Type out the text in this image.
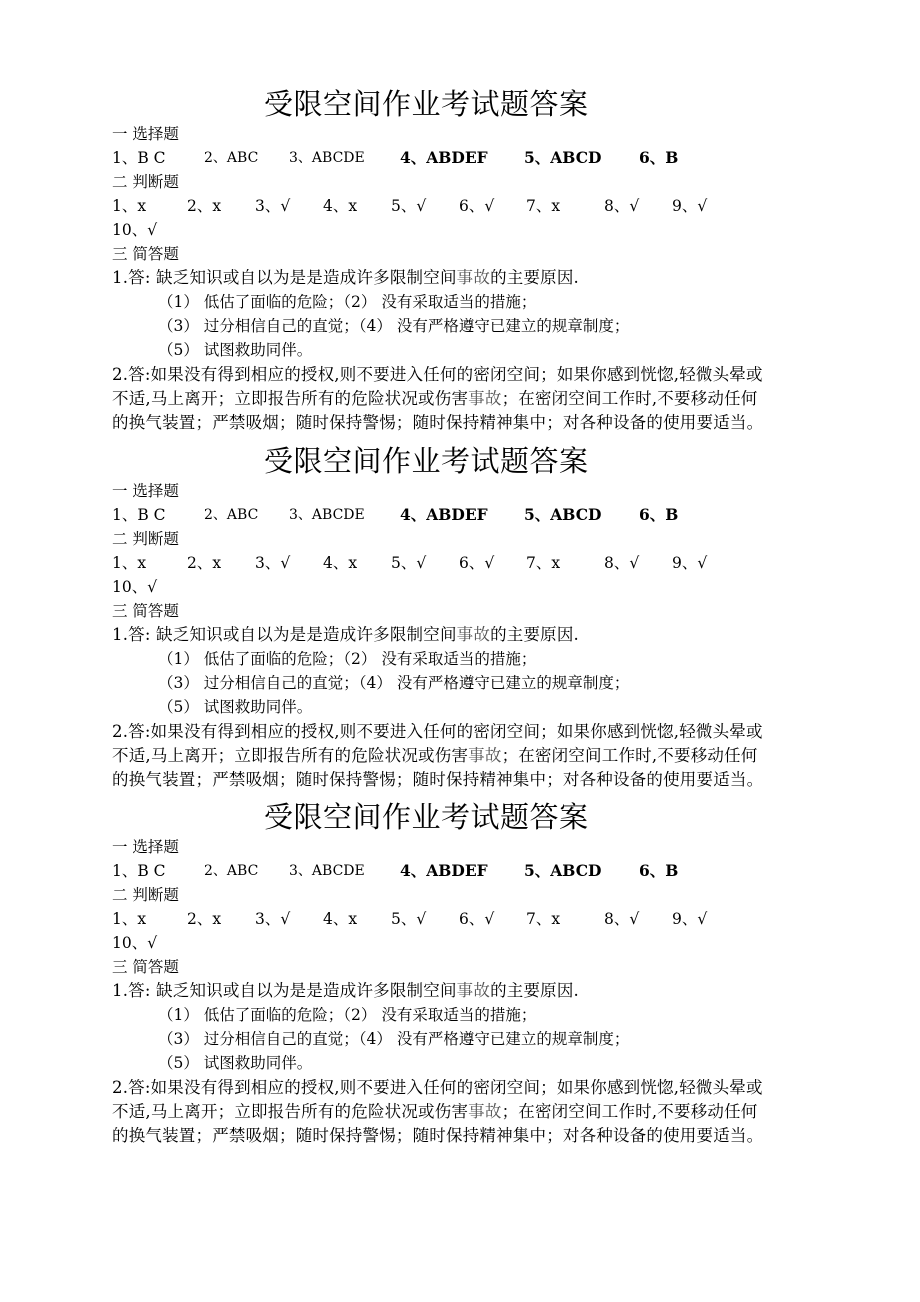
受限空间作业考试题答案
一 选择题
1、B C	2、ABC 3、ABCDE 4、ABDEF 5、ABCD 6、B
二 判断题
1、x	2、x 3、√ 4、x 5、√ 6、√ 7、x	8、√ 9、√
10、√
三 简答题
1.答: 缺乏知识或自以为是是造成许多限制空间事故的主要原因.
（1） 低估了面临的危险；（2） 没有采取适当的措施；
（3） 过分相信自己的直觉；（4） 没有严格遵守已建立的规章制度；
（5） 试图救助同伴。
2.答:如果没有得到相应的授权,则不要进入任何的密闭空间；如果你感到恍惚,轻微头晕或
不适,马上离开；立即报告所有的危险状况或伤害事故；在密闭空间工作时,不要移动任何
的换气装置；严禁吸烟；随时保持警惕；随时保持精神集中；对各种设备的使用要适当。
受限空间作业考试题答案
一 选择题
1、B C	2、ABC 3、ABCDE 4、ABDEF 5、ABCD 6、B
二 判断题
1、x	2、x 3、√ 4、x 5、√ 6、√ 7、x	8、√ 9、√
10、√
三 简答题
1.答: 缺乏知识或自以为是是造成许多限制空间事故的主要原因.
（1） 低估了面临的危险；（2） 没有采取适当的措施；
（3） 过分相信自己的直觉；（4） 没有严格遵守已建立的规章制度；
（5） 试图救助同伴。
2.答:如果没有得到相应的授权,则不要进入任何的密闭空间；如果你感到恍惚,轻微头晕或
不适,马上离开；立即报告所有的危险状况或伤害事故；在密闭空间工作时,不要移动任何
的换气装置；严禁吸烟；随时保持警惕；随时保持精神集中；对各种设备的使用要适当。
受限空间作业考试题答案
一 选择题
1、B C	2、ABC 3、ABCDE 4、ABDEF 5、ABCD 6、B
二 判断题
1、x	2、x 3、√ 4、x 5、√ 6、√ 7、x	8、√ 9、√
10、√
三 简答题
1.答: 缺乏知识或自以为是是造成许多限制空间事故的主要原因.
（1） 低估了面临的危险；（2） 没有采取适当的措施；
（3） 过分相信自己的直觉；（4） 没有严格遵守已建立的规章制度；
（5） 试图救助同伴。
2.答:如果没有得到相应的授权,则不要进入任何的密闭空间；如果你感到恍惚,轻微头晕或
不适,马上离开；立即报告所有的危险状况或伤害事故；在密闭空间工作时,不要移动任何
的换气装置；严禁吸烟；随时保持警惕；随时保持精神集中；对各种设备的使用要适当。
